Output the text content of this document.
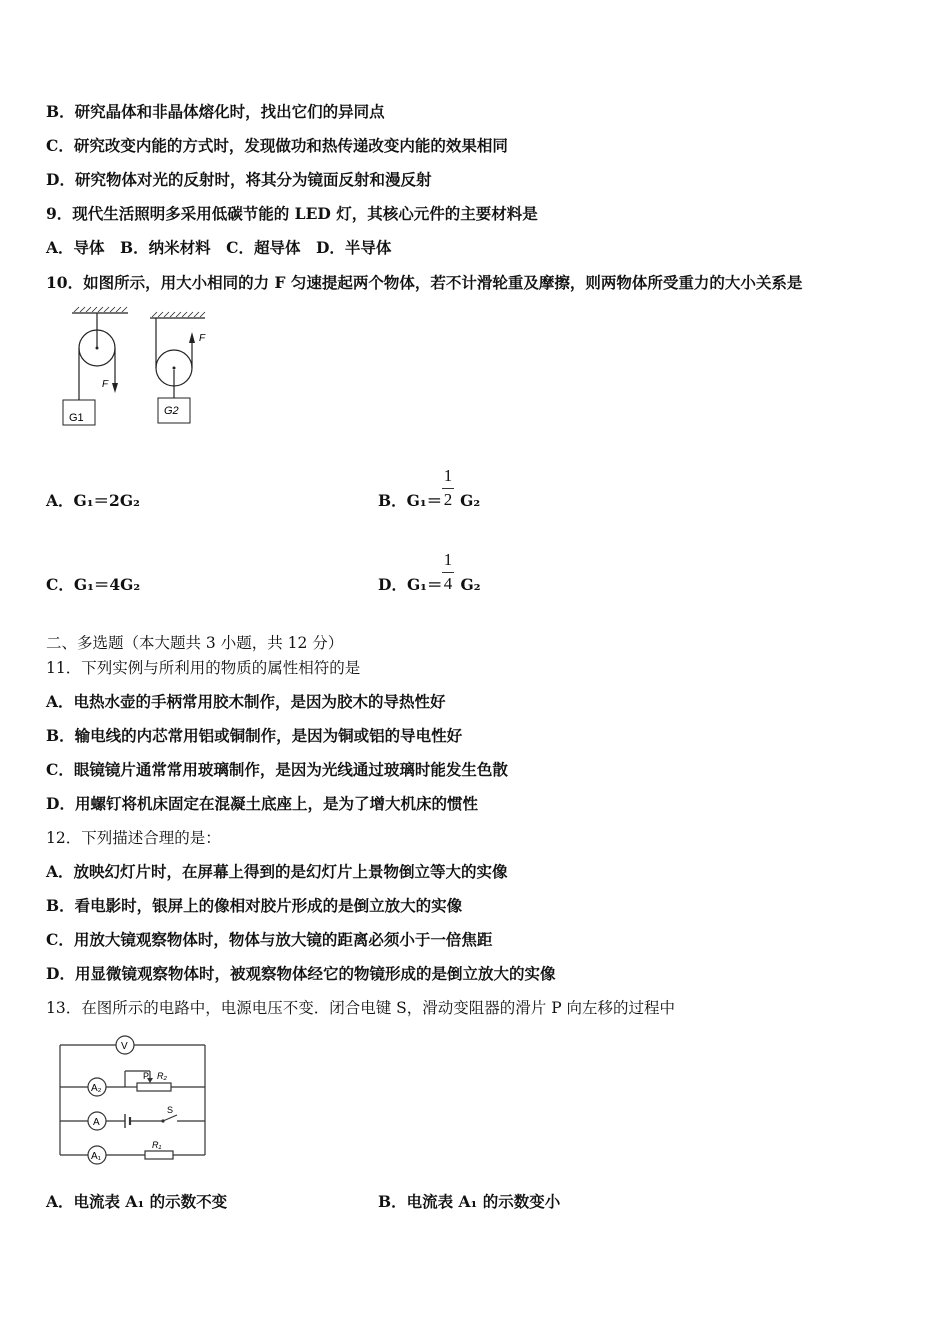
B．研究晶体和非晶体熔化时，找出它们的异同点
C．研究改变内能的方式时，发现做功和热传递改变内能的效果相同
D．研究物体对光的反射时，将其分为镜面反射和漫反射
9．现代生活照明多采用低碳节能的 LED 灯，其核心元件的主要材料是
A．导体　B．纳米材料　C．超导体　D．半导体
10．如图所示，用大小相同的力 F 匀速提起两个物体，若不计滑轮重及摩擦，则两物体所受重力的大小关系是
F
G1
F
G2
A．G₁＝2G₂	B．G₁＝ G₂
1
2
C．G₁＝4G₂	D．G₁＝ G₂
1
4
二、多选题（本大题共 3 小题，共 12 分）
11．下列实例与所利用的物质的属性相符的是
A．电热水壶的手柄常用胶木制作，是因为胶木的导热性好
B．输电线的内芯常用铝或铜制作，是因为铜或铝的导电性好
C．眼镜镜片通常常用玻璃制作，是因为光线通过玻璃时能发生色散
D．用螺钉将机床固定在混凝土底座上，是为了增大机床的惯性
12．下列描述合理的是：
A．放映幻灯片时，在屏幕上得到的是幻灯片上景物倒立等大的实像
B．看电影时，银屏上的像相对胶片形成的是倒立放大的实像
C．用放大镜观察物体时，物体与放大镜的距离必须小于一倍焦距
D．用显微镜观察物体时，被观察物体经它的物镜形成的是倒立放大的实像
13．在图所示的电路中，电源电压不变．闭合电键 S，滑动变阻器的滑片 P 向左移的过程中
V
A₂
A
A₁
P R₂
S
R₁
A．电流表 A₁ 的示数不变	B．电流表 A₁ 的示数变小
